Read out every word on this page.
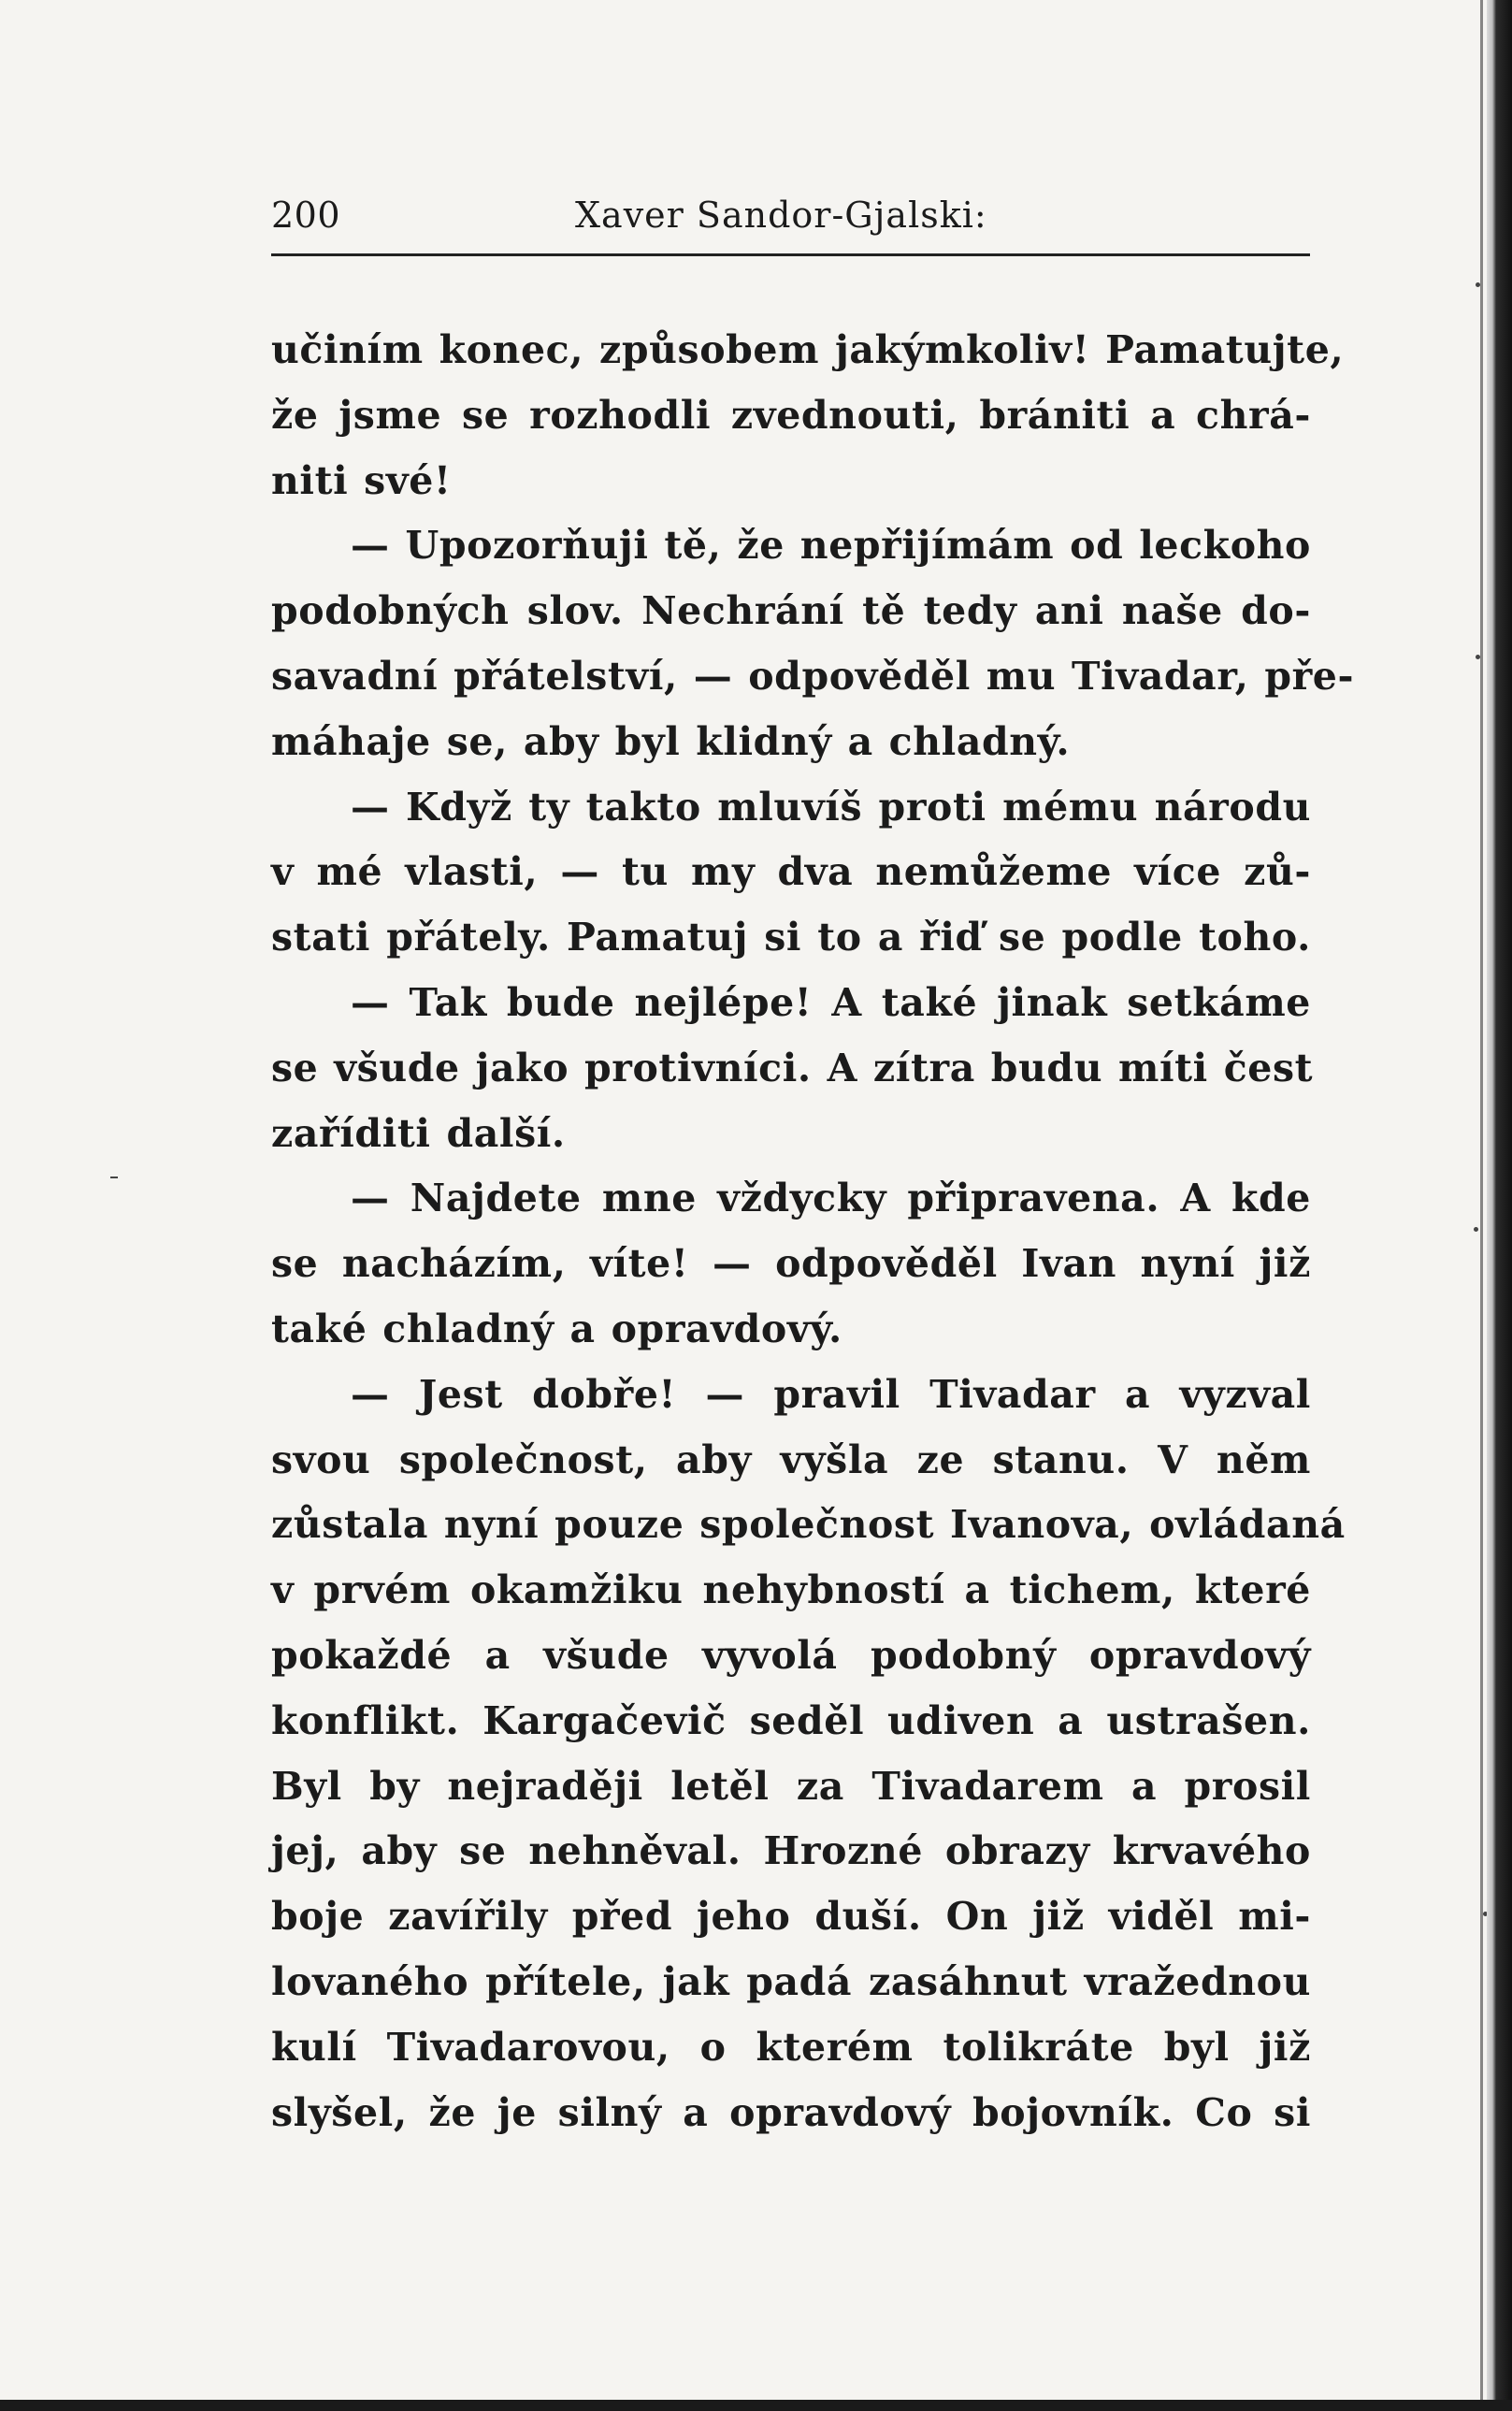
200	Xaver Sandor-Gjalski:
učiním konec, způsobem jakýmkoliv! Pamatujte,
že jsme se rozhodli zvednouti, brániti a chrá-
niti své!
— Upozorňuji tě, že nepřijímám od leckoho
podobných slov. Nechrání tě tedy ani naše do-
savadní přátelství, — odpověděl mu Tivadar, pře-
máhaje se, aby byl klidný a chladný.
— Když ty takto mluvíš proti mému národu
v mé vlasti, — tu my dva nemůžeme více zů-
stati přátely. Pamatuj si to a řiď se podle toho.
— Tak bude nejlépe! A také jinak setkáme
se všude jako protivníci. A zítra budu míti čest
zaříditi další.
— Najdete mne vždycky připravena. A kde
se nacházím, víte! — odpověděl Ivan nyní již
také chladný a opravdový.
— Jest dobře! — pravil Tivadar a vyzval
svou společnost, aby vyšla ze stanu. V něm
zůstala nyní pouze společnost Ivanova, ovládaná
v prvém okamžiku nehybností a tichem, které
pokaždé a všude vyvolá podobný opravdový
konflikt. Kargačevič seděl udiven a ustrašen.
Byl by nejraději letěl za Tivadarem a prosil
jej, aby se nehněval. Hrozné obrazy krvavého
boje zavířily před jeho duší. On již viděl mi-
lovaného přítele, jak padá zasáhnut vražednou
kulí Tivadarovou, o kterém tolikráte byl již
slyšel, že je silný a opravdový bojovník. Co si
